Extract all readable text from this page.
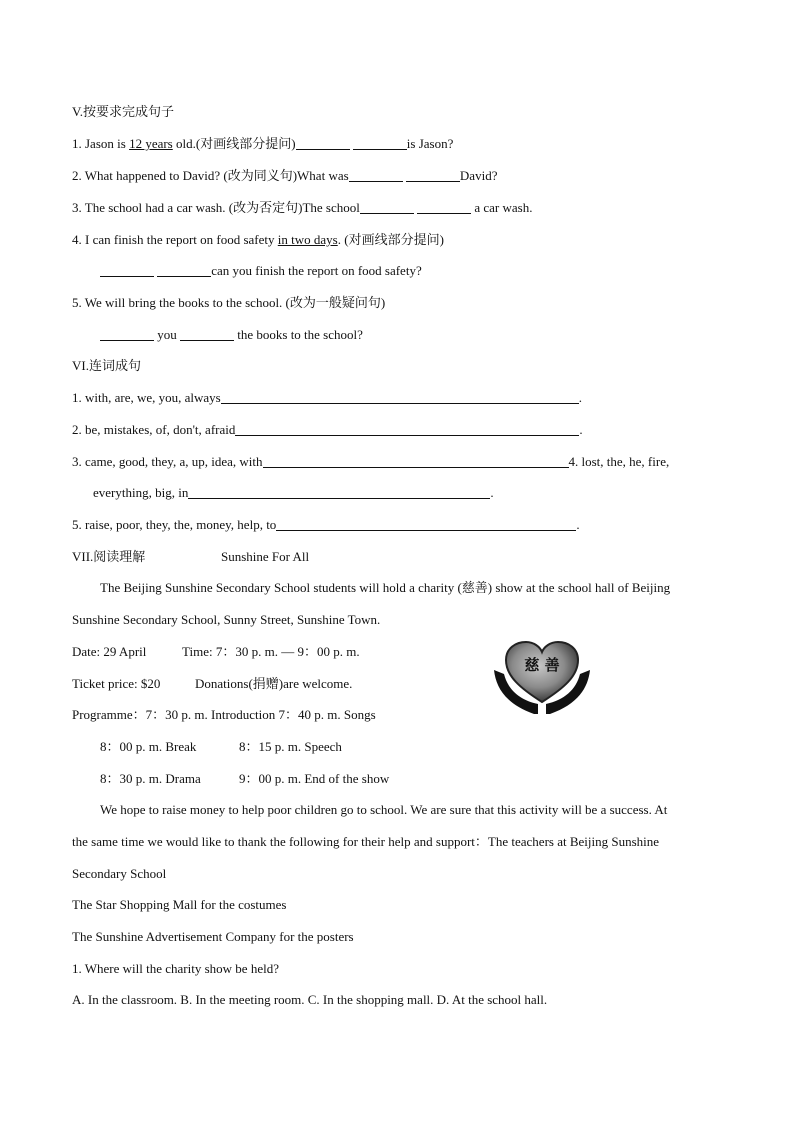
V.按要求完成句子
1. Jason is 12 years old.(对画线部分提问)	is Jason?
2. What happened to David? (改为同义句)What was	David?
3. The school had a car wash. (改为否定句)The school	a car wash.
4. I can finish the report on food safety in two days. (对画线部分提问)
can you finish the report on food safety?
5. We will bring the books to the school. (改为一般疑问句)
you	the books to the school?
VI.连词成句
1. with, are, we, you, always	.
2. be, mistakes, of, don't, afraid	.
3. came, good, they, a, up, idea, with	4. lost, the, he, fire,
everything, big, in	.
5. raise, poor, they, the, money, help, to	.
VII.阅读理解	Sunshine For All
The Beijing Sunshine Secondary School students will hold a charity (慈善) show at the school hall of Beijing
Sunshine Secondary School, Sunny Street, Sunshine Town.
Date: 29 April	Time: 7：30 p. m. — 9：00 p. m.
Ticket price: $20	Donations(捐赠)are welcome.
Programme：7：30 p. m. Introduction 7：40 p. m. Songs
8：00 p. m. Break	8：15 p. m. Speech
8：30 p. m. Drama	9：00 p. m. End of the show
We hope to raise money to help poor children go to school. We are sure that this activity will be a success. At
the same time we would like to thank the following for their help and support：The teachers at Beijing Sunshine
Secondary School
The Star Shopping Mall for the costumes
The Sunshine Advertisement Company for the posters
1. Where will the charity show be held?
A. In the classroom. B. In the meeting room. C. In the shopping mall. D. At the school hall.
慈 善
